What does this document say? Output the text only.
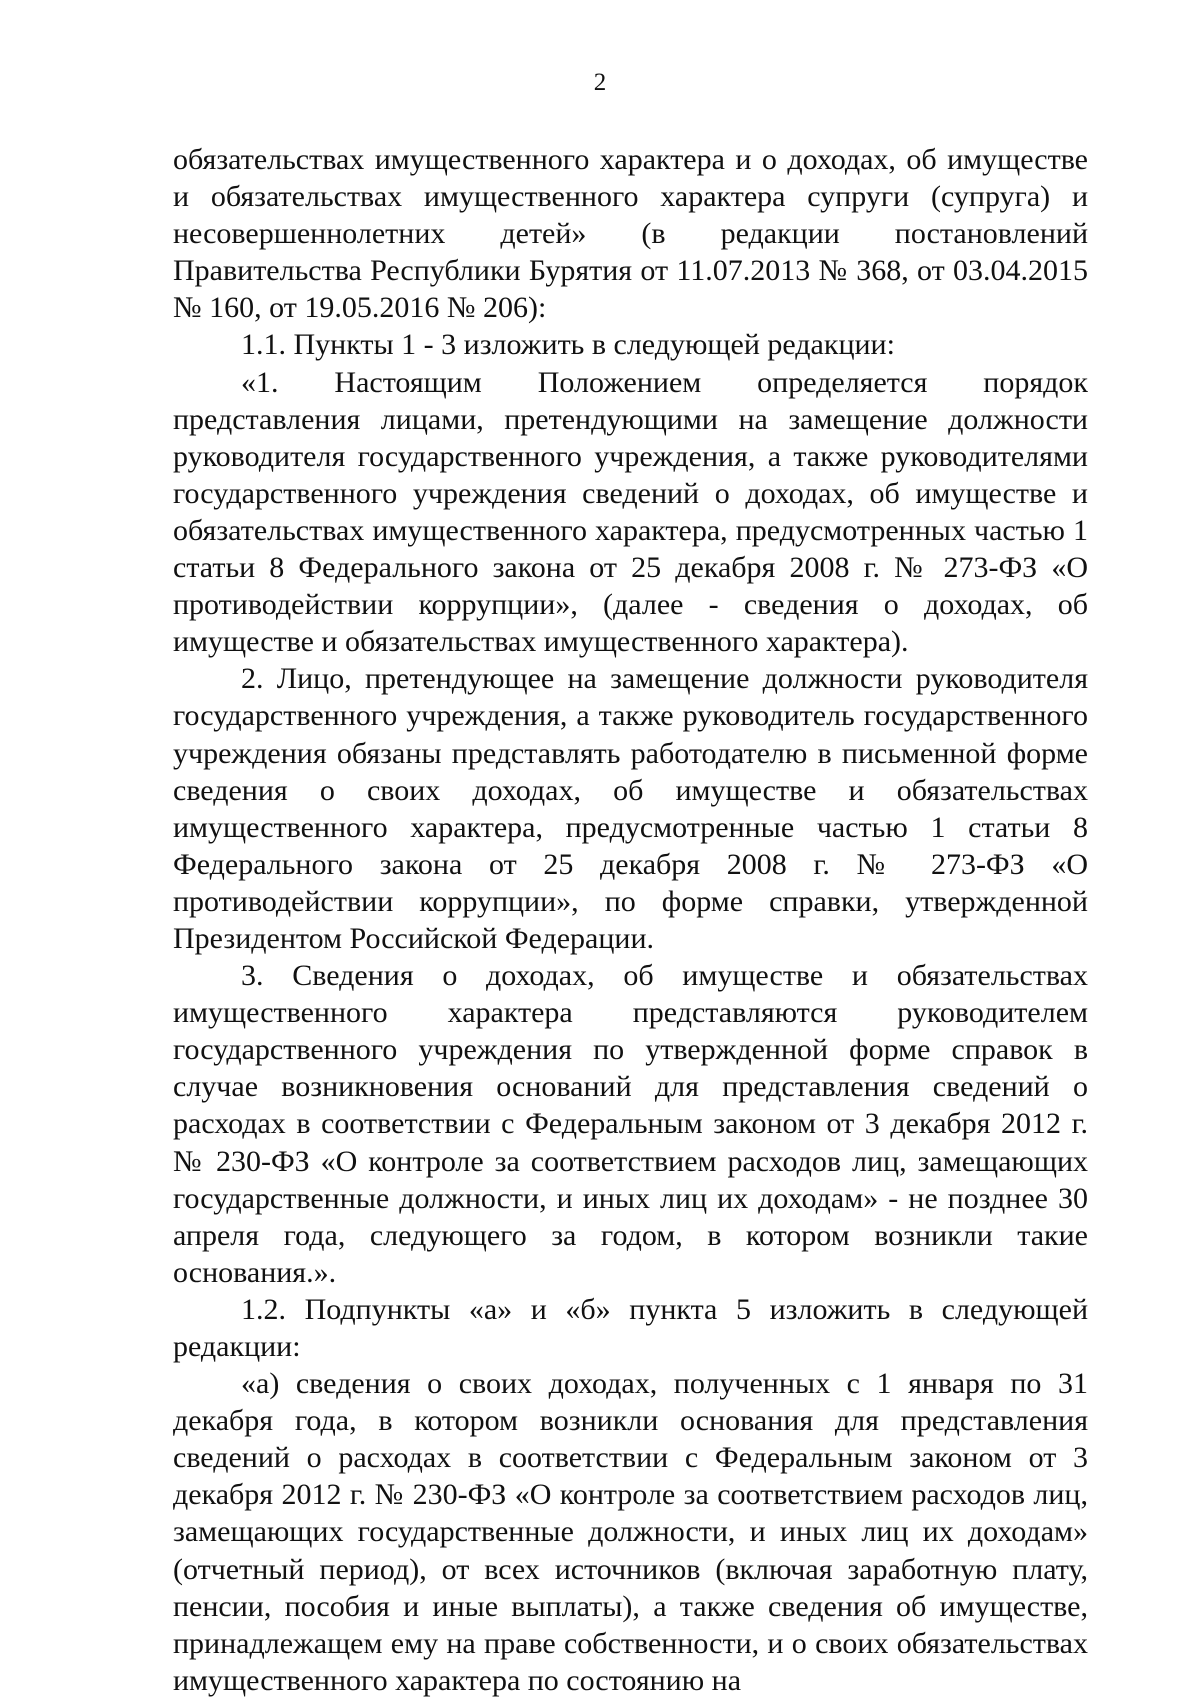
2

обязательствах имущественного характера и о доходах, об имуществе и обязательствах имущественного характера супруги (супруга) и несовершеннолетних детей» (в редакции постановлений Правительства Республики Бурятия от 11.07.2013 № 368, от 03.04.2015 № 160, от 19.05.2016 № 206):

1.1. Пункты 1 - 3 изложить в следующей редакции:

«1. Настоящим Положением определяется порядок представления лицами, претендующими на замещение должности руководителя государственного учреждения, а также руководителями государственного учреждения сведений о доходах, об имуществе и обязательствах имущественного характера, предусмотренных частью 1 статьи 8 Федерального закона от 25 декабря 2008 г. № 273-ФЗ «О противодействии коррупции», (далее - сведения о доходах, об имуществе и обязательствах имущественного характера).

2. Лицо, претендующее на замещение должности руководителя государственного учреждения, а также руководитель государственного учреждения обязаны представлять работодателю в письменной форме сведения о своих доходах, об имуществе и обязательствах имущественного характера, предусмотренные частью 1 статьи 8 Федерального закона от 25 декабря 2008 г. № 273-ФЗ «О противодействии коррупции», по форме справки, утвержденной Президентом Российской Федерации.

3. Сведения о доходах, об имуществе и обязательствах имущественного характера представляются руководителем государственного учреждения по утвержденной форме справок в случае возникновения оснований для представления сведений о расходах в соответствии с Федеральным законом от 3 декабря 2012 г. № 230-ФЗ «О контроле за соответствием расходов лиц, замещающих государственные должности, и иных лиц их доходам» - не позднее 30 апреля года, следующего за годом, в котором возникли такие основания.».

1.2. Подпункты «а» и «б» пункта 5 изложить в следующей редакции:

«а) сведения о своих доходах, полученных с 1 января по 31 декабря года, в котором возникли основания для представления сведений о расходах в соответствии с Федеральным законом от 3 декабря 2012 г. № 230-ФЗ «О контроле за соответствием расходов лиц, замещающих государственные должности, и иных лиц их доходам» (отчетный период), от всех источников (включая заработную плату, пенсии, пособия и иные выплаты), а также сведения об имуществе, принадлежащем ему на праве собственности, и о своих обязательствах имущественного характера по состоянию на
